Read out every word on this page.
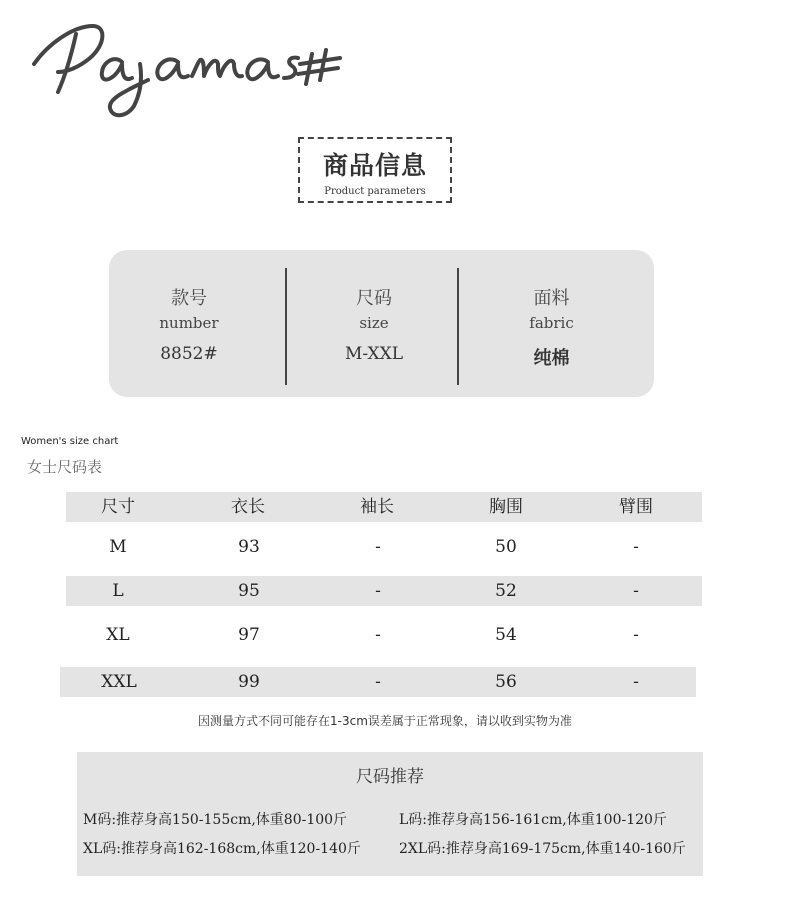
商品信息
Product parameters
款号
number
8852#
尺码
size
M-XXL
面料
fabric
纯棉
Women's size chart
女士尺码表
尺寸	衣长	袖长	胸围	臂围
M	93	-	50	-
L	95	-	52	-
XL	97	-	54	-
XXL	99	-	56	-
因测量方式不同可能存在1-3cm误差属于正常现象，请以收到实物为准
尺码推荐
M码:推荐身高150-155cm,体重80-100斤	L码:推荐身高156-161cm,体重100-120斤
XL码:推荐身高162-168cm,体重120-140斤	2XL码:推荐身高169-175cm,体重140-160斤
